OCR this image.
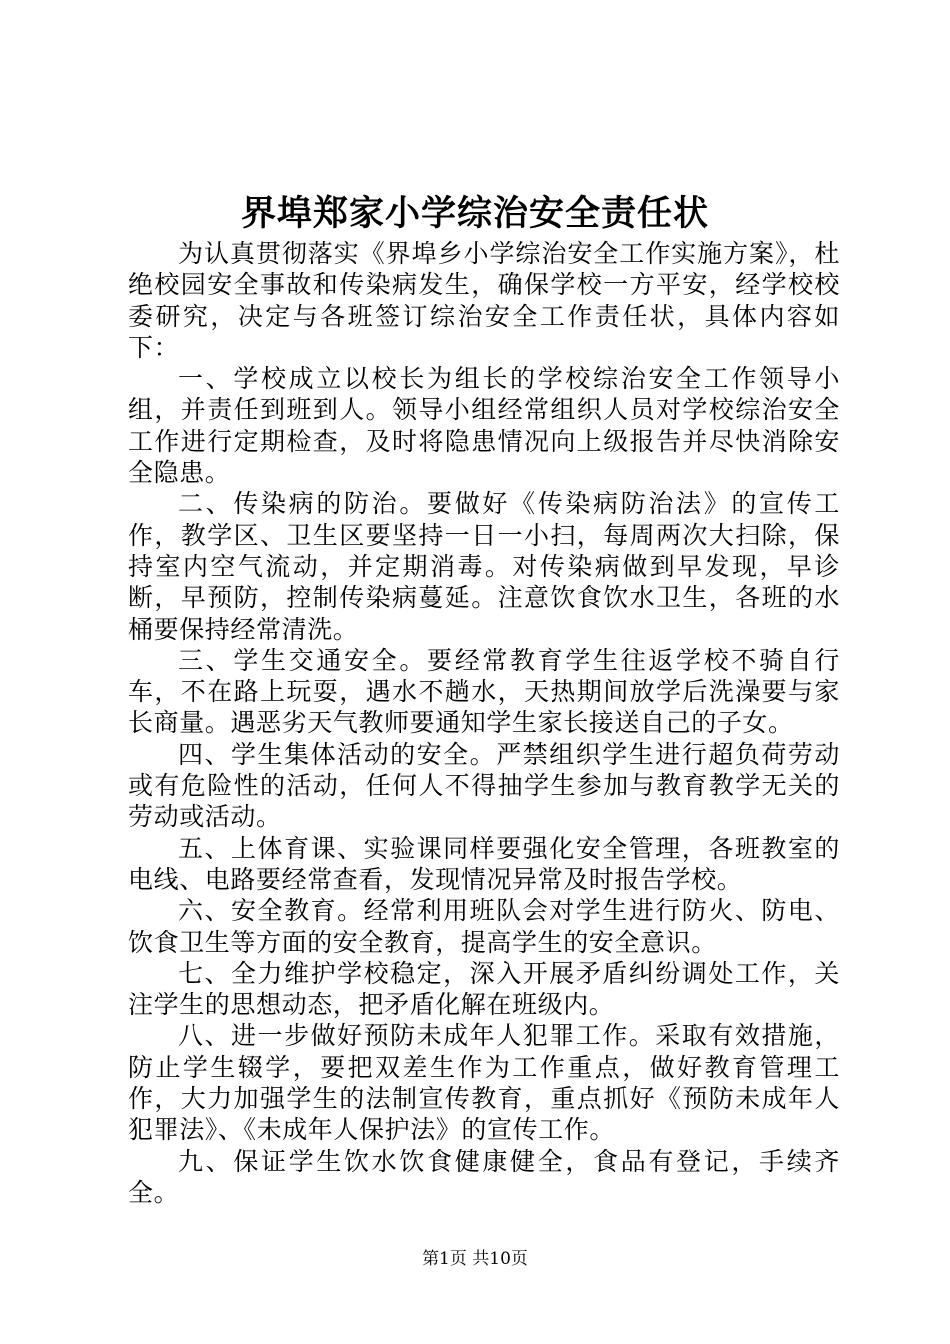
界埠郑家小学综治安全责任状

为认真贯彻落实《界埠乡小学综治安全工作实施方案》，杜绝校园安全事故和传染病发生，确保学校一方平安，经学校校委研究，决定与各班签订综治安全工作责任状，具体内容如下：

一、学校成立以校长为组长的学校综治安全工作领导小组，并责任到班到人。领导小组经常组织人员对学校综治安全工作进行定期检查，及时将隐患情况向上级报告并尽快消除安全隐患。

二、传染病的防治。要做好《传染病防治法》的宣传工作，教学区、卫生区要坚持一日一小扫，每周两次大扫除，保持室内空气流动，并定期消毒。对传染病做到早发现，早诊断，早预防，控制传染病蔓延。注意饮食饮水卫生，各班的水桶要保持经常清洗。

三、学生交通安全。要经常教育学生往返学校不骑自行车，不在路上玩耍，遇水不趟水，天热期间放学后洗澡要与家长商量。遇恶劣天气教师要通知学生家长接送自己的子女。

四、学生集体活动的安全。严禁组织学生进行超负荷劳动或有危险性的活动，任何人不得抽学生参加与教育教学无关的劳动或活动。

五、上体育课、实验课同样要强化安全管理，各班教室的电线、电路要经常查看，发现情况异常及时报告学校。

六、安全教育。经常利用班队会对学生进行防火、防电、饮食卫生等方面的安全教育，提高学生的安全意识。

七、全力维护学校稳定，深入开展矛盾纠纷调处工作，关注学生的思想动态，把矛盾化解在班级内。

八、进一步做好预防未成年人犯罪工作。采取有效措施，防止学生辍学，要把双差生作为工作重点，做好教育管理工作，大力加强学生的法制宣传教育，重点抓好《预防未成年人犯罪法》、《未成年人保护法》的宣传工作。

九、保证学生饮水饮食健康健全，食品有登记，手续齐全。

第1页 共10页
